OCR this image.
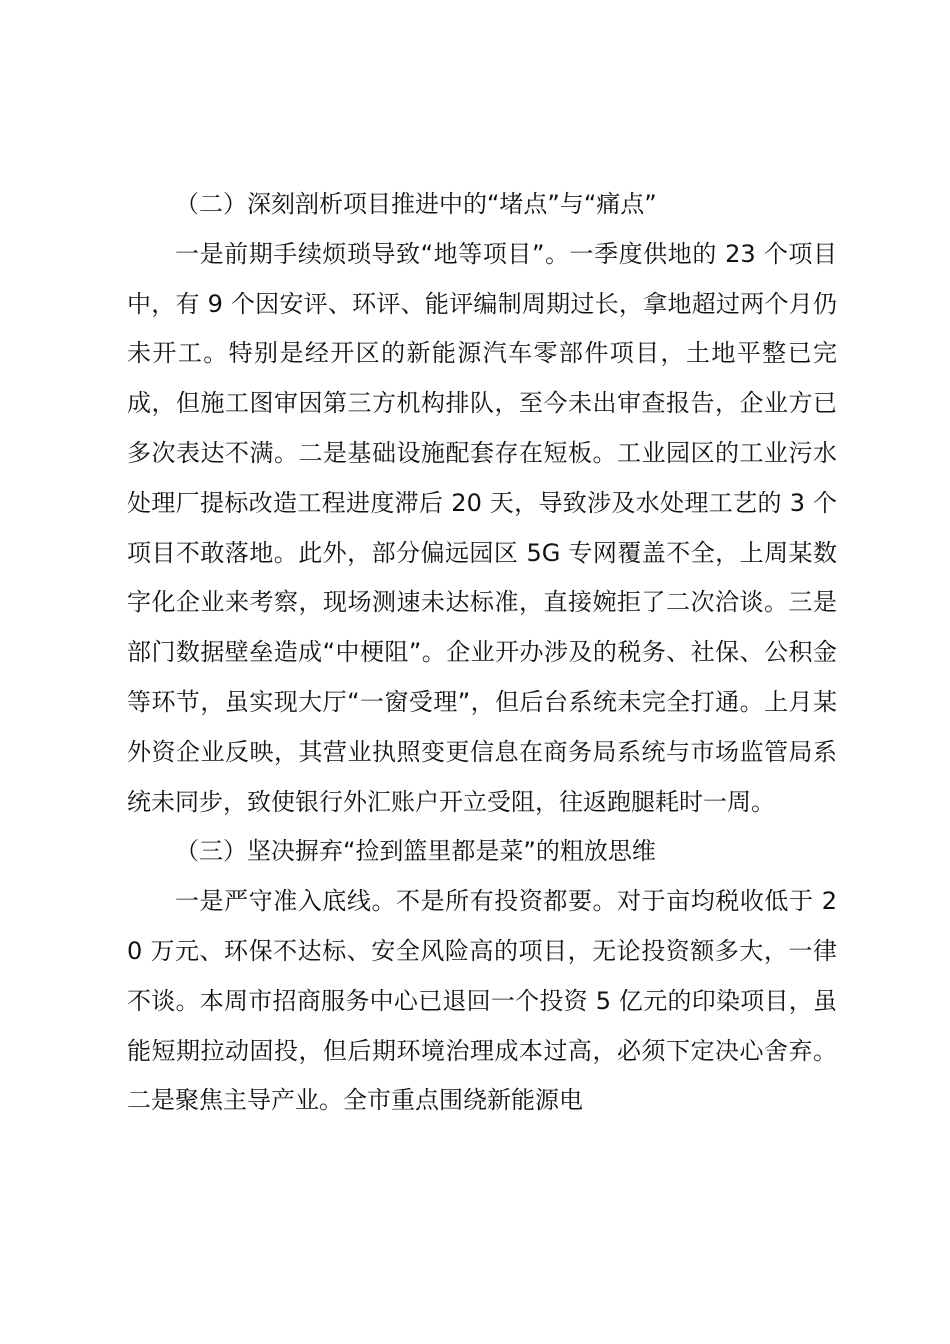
（二）深刻剖析项目推进中的“堵点”与“痛点”

一是前期手续烦琐导致“地等项目”。一季度供地的 23 个项目中，有 9 个因安评、环评、能评编制周期过长，拿地超过两个月仍未开工。特别是经开区的新能源汽车零部件项目，土地平整已完成，但施工图审因第三方机构排队，至今未出审查报告，企业方已多次表达不满。二是基础设施配套存在短板。工业园区的工业污水处理厂提标改造工程进度滞后 20 天，导致涉及水处理工艺的 3 个项目不敢落地。此外，部分偏远园区 5G 专网覆盖不全，上周某数字化企业来考察，现场测速未达标准，直接婉拒了二次洽谈。三是部门数据壁垒造成“中梗阻”。企业开办涉及的税务、社保、公积金等环节，虽实现大厅“一窗受理”，但后台系统未完全打通。上月某外资企业反映，其营业执照变更信息在商务局系统与市场监管局系统未同步，致使银行外汇账户开立受阻，往返跑腿耗时一周。

（三）坚决摒弃“捡到篮里都是菜”的粗放思维

一是严守准入底线。不是所有投资都要。对于亩均税收低于 20 万元、环保不达标、安全风险高的项目，无论投资额多大，一律不谈。本周市招商服务中心已退回一个投资 5 亿元的印染项目，虽能短期拉动固投，但后期环境治理成本过高，必须下定决心舍弃。二是聚焦主导产业。全市重点围绕新能源电
